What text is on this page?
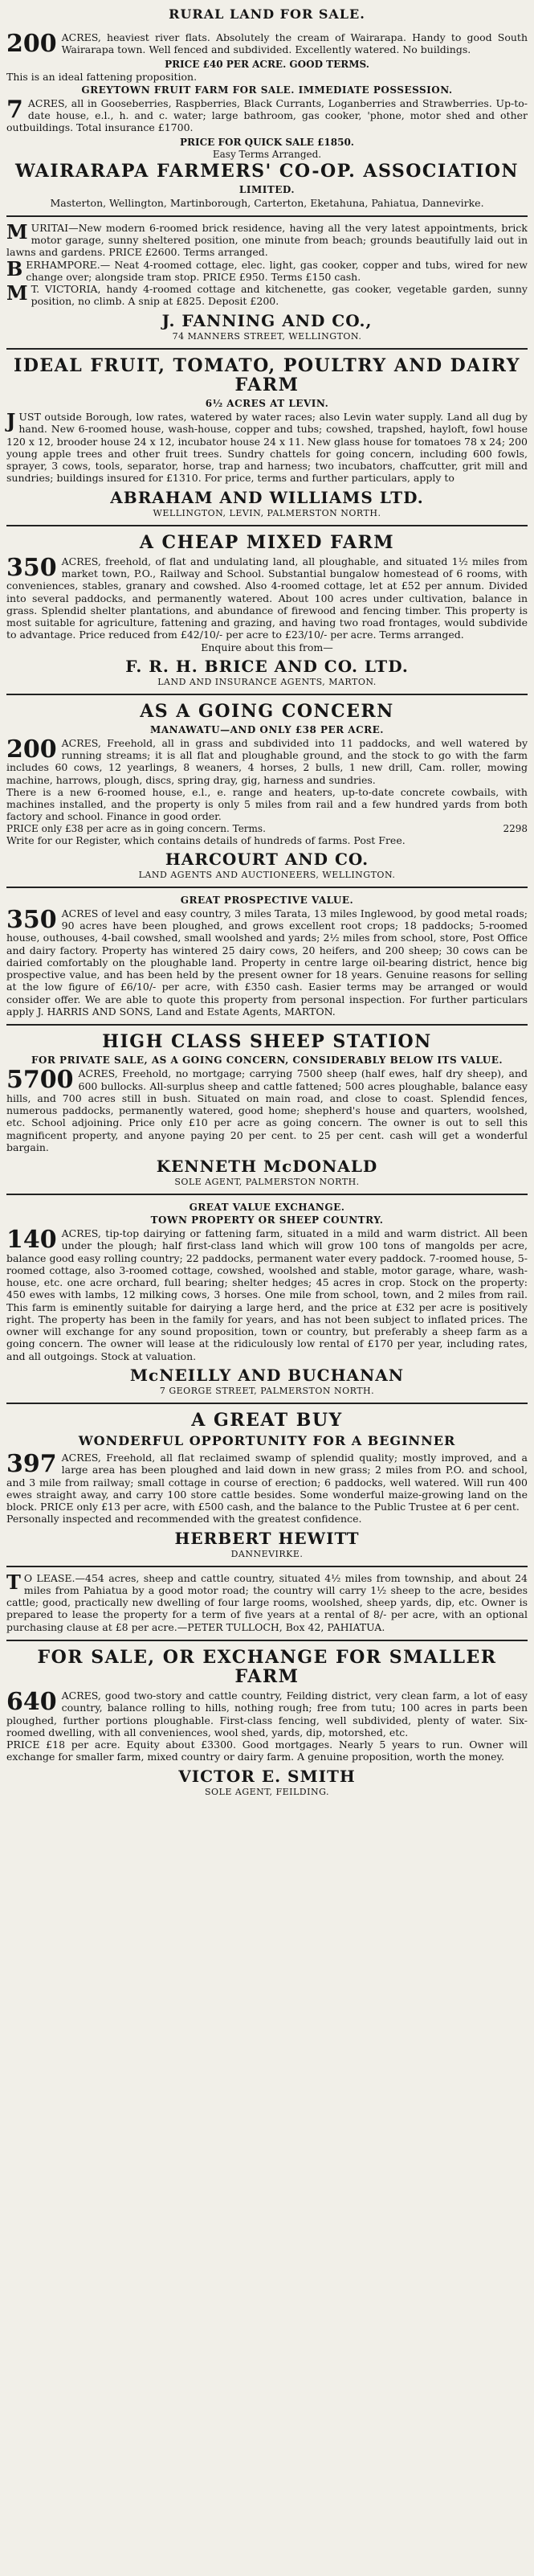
RURAL LAND FOR SALE.

200 ACRES, heaviest river flats. Absolutely the cream of Wairarapa. Handy to good South Wairarapa town. Well fenced and subdivided. Excellently watered. No buildings.

PRICE £40 PER ACRE. GOOD TERMS.

This is an ideal fattening proposition.

GREYTOWN FRUIT FARM FOR SALE. IMMEDIATE POSSESSION.

7 ACRES, all in Gooseberries, Raspberries, Black Currants, Loganberries and Strawberries. Up-to-date house, e.l., h. and c. water; large bathroom, gas cooker, 'phone, motor shed and other outbuildings. Total insurance £1700.

PRICE FOR QUICK SALE £1850.
Easy Terms Arranged.
WAIRARAPA FARMERS' CO-OP. ASSOCIATION
LIMITED.

Masterton, Wellington, Martinborough, Carterton, Eketahuna, Pahiatua, Dannevirke.

MURITAI—New modern 6-roomed brick residence, having all the very latest appointments, brick motor garage, sunny sheltered position, one minute from beach; grounds beautifully laid out in lawns and gardens. PRICE £2600. Terms arranged.

BERHAMPORE.— Neat 4-roomed cottage, elec. light, gas cooker, copper and tubs, wired for new change over; alongside tram stop. PRICE £950. Terms £150 cash.

M T. VICTORIA, handy 4-roomed cottage and kitchenette, gas cooker, vegetable garden, sunny position, no climb. A snip at £825. Deposit £200.

J. FANNING AND CO.,
74 MANNERS STREET, WELLINGTON.
IDEAL FRUIT, TOMATO, POULTRY AND DAIRY FARM
6½ ACRES AT LEVIN.

JUST outside Borough, low rates, watered by water races; also Levin water supply. Land all dug by hand. New 6-roomed house, wash-house, copper and tubs; cowshed, trapshed, hayloft, fowl house 120 x 12, brooder house 24 x 12, incubator house 24 x 11. New glass house for tomatoes 78 x 24; 200 young apple trees and other fruit trees. Sundry chattels for going concern, including 600 fowls, sprayer, 3 cows, tools, separator, horse, trap and harness; two incubators, chaffcutter, grit mill and sundries; buildings insured for £1310. For price, terms and further particulars, apply to

ABRAHAM AND WILLIAMS LTD.
WELLINGTON, LEVIN, PALMERSTON NORTH.
A CHEAP MIXED FARM

350 ACRES, freehold, of flat and undulating land, all ploughable, and situated 1½ miles from market town, P.O., Railway and School. Substantial bungalow homestead of 6 rooms, with conveniences, stables, granary and cowshed. Also 4-roomed cottage, let at £52 per annum. Divided into several paddocks, and permanently watered. About 100 acres under cultivation, balance in grass. Splendid shelter plantations, and abundance of firewood and fencing timber. This property is most suitable for agriculture, fattening and grazing, and having two road frontages, would subdivide to advantage. Price reduced from £42/10/- per acre to £23/10/- per acre. Terms arranged.

Enquire about this from—

F. R. H. BRICE AND CO. LTD.
LAND AND INSURANCE AGENTS, MARTON.
AS A GOING CONCERN
MANAWATU—AND ONLY £38 PER ACRE.

200 ACRES, Freehold, all in grass and subdivided into 11 paddocks, and well watered by running streams; it is all flat and ploughable ground, and the stock to go with the farm includes 60 cows, 12 yearlings, 8 weaners, 4 horses, 2 bulls, 1 new drill, Cam. roller, mowing machine, harrows, plough, discs, spring dray, gig, harness and sundries.

There is a new 6-roomed house, e.l., e. range and heaters, up-to-date concrete cowbails, with machines installed, and the property is only 5 miles from rail and a few hundred yards from both factory and school. Finance in good order.

PRICE only £38 per acre as in going concern. Terms.	2298

Write for our Register, which contains details of hundreds of farms. Post Free.

HARCOURT AND CO.
LAND AGENTS AND AUCTIONEERS, WELLINGTON.
GREAT PROSPECTIVE VALUE.

350 ACRES of level and easy country, 3 miles Tarata, 13 miles Inglewood, by good metal roads; 90 acres have been ploughed, and grows excellent root crops; 18 paddocks; 5-roomed house, outhouses, 4-bail cowshed, small woolshed and yards; 2½ miles from school, store, Post Office and dairy factory. Property has wintered 25 dairy cows, 20 heifers, and 200 sheep; 30 cows can be dairied comfortably on the ploughable land. Property in centre large oil-bearing district, hence big prospective value, and has been held by the present owner for 18 years. Genuine reasons for selling at the low figure of £6/10/- per acre, with £350 cash. Easier terms may be arranged or would consider offer. We are able to quote this property from personal inspection. For further particulars apply J. HARRIS AND SONS, Land and Estate Agents, MARTON.

HIGH CLASS SHEEP STATION
FOR PRIVATE SALE, AS A GOING CONCERN, CONSIDERABLY BELOW ITS VALUE.

5700 ACRES, Freehold, no mortgage; carrying 7500 sheep (half ewes, half dry sheep), and 600 bullocks. All-surplus sheep and cattle fattened; 500 acres ploughable, balance easy hills, and 700 acres still in bush. Situated on main road, and close to coast. Splendid fences, numerous paddocks, permanently watered, good home; shepherd's house and quarters, woolshed, etc. School adjoining. Price only £10 per acre as going concern. The owner is out to sell this magnificent property, and anyone paying 20 per cent. to 25 per cent. cash will get a wonderful bargain.

KENNETH McDONALD
SOLE AGENT, PALMERSTON NORTH.
GREAT VALUE EXCHANGE.
TOWN PROPERTY OR SHEEP COUNTRY.

140 ACRES, tip-top dairying or fattening farm, situated in a mild and warm district. All been under the plough; half first-class land which will grow 100 tons of mangolds per acre, balance good easy rolling country; 22 paddocks, permanent water every paddock. 7-roomed house, 5-roomed cottage, also 3-roomed cottage, cowshed, woolshed and stable, motor garage, whare, wash-house, etc. one acre orchard, full bearing; shelter hedges; 45 acres in crop. Stock on the property: 450 ewes with lambs, 12 milking cows, 3 horses. One mile from school, town, and 2 miles from rail. This farm is eminently suitable for dairying a large herd, and the price at £32 per acre is positively right. The property has been in the family for years, and has not been subject to inflated prices. The owner will exchange for any sound proposition, town or country, but preferably a sheep farm as a going concern. The owner will lease at the ridiculously low rental of £170 per year, including rates, and all outgoings. Stock at valuation.

McNEILLY AND BUCHANAN
7 GEORGE STREET, PALMERSTON NORTH.
A GREAT BUY
WONDERFUL OPPORTUNITY FOR A BEGINNER

397 ACRES, Freehold, all flat reclaimed swamp of splendid quality; mostly improved, and a large area has been ploughed and laid down in new grass; 2 miles from P.O. and school, and 3 mile from railway; small cottage in course of erection; 6 paddocks, well watered. Will run 400 ewes straight away, and carry 100 store cattle besides. Some wonderful maize-growing land on the block. PRICE only £13 per acre, with £500 cash, and the balance to the Public Trustee at 6 per cent.

Personally inspected and recommended with the greatest confidence.

HERBERT HEWITT
DANNEVIRKE.

T O LEASE.—454 acres, sheep and cattle country, situated 4½ miles from township, and about 24 miles from Pahiatua by a good motor road; the country will carry 1½ sheep to the acre, besides cattle; good, practically new dwelling of four large rooms, woolshed, sheep yards, dip, etc. Owner is prepared to lease the property for a term of five years at a rental of 8/- per acre, with an optional purchasing clause at £8 per acre.—PETER TULLOCH, Box 42, PAHIATUA.

FOR SALE, OR EXCHANGE FOR SMALLER FARM

640 ACRES, good two-story and cattle country, Feilding district, very clean farm, a lot of easy country, balance rolling to hills, nothing rough; free from tutu; 100 acres in parts been ploughed, further portions ploughable. First-class fencing, well subdivided, plenty of water. Six-roomed dwelling, with all conveniences, wool shed, yards, dip, motorshed, etc.

PRICE £18 per acre. Equity about £3300. Good mortgages. Nearly 5 years to run. Owner will exchange for smaller farm, mixed country or dairy farm. A genuine proposition, worth the money.

VICTOR E. SMITH
SOLE AGENT, FEILDING.
